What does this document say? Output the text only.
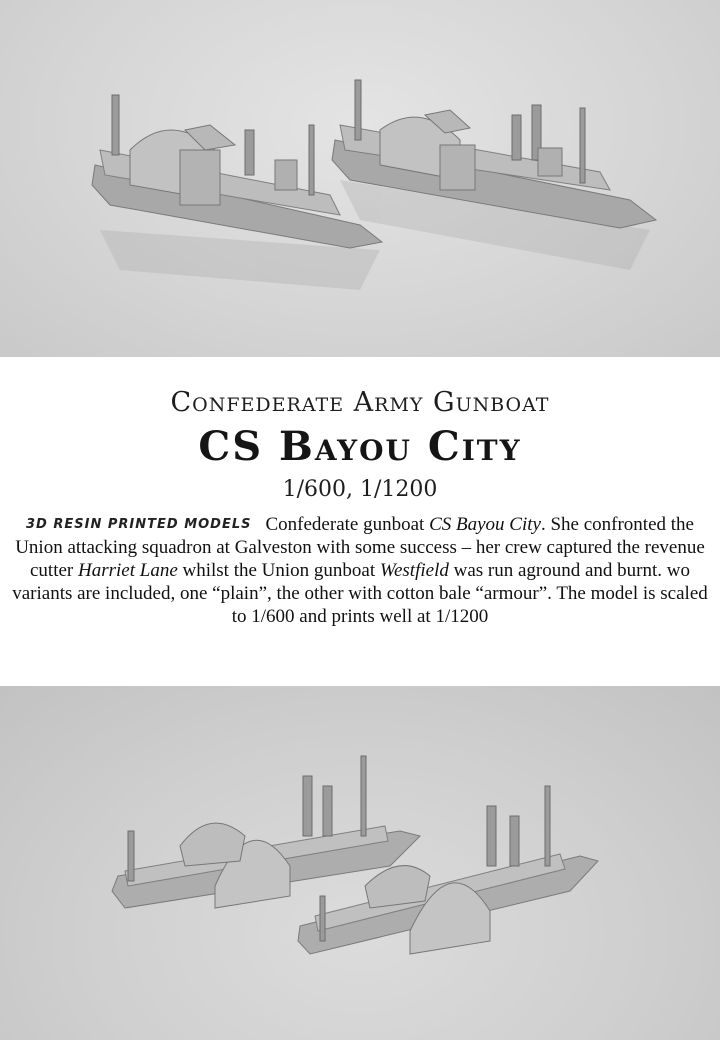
Confederate Army Gunboat
CS Bayou City
1/600, 1/1200
3D RESIN PRINTED MODELS Confederate gunboat CS Bayou City. She confronted the Union attacking squadron at Galveston with some success – her crew captured the revenue cutter Harriet Lane whilst the Union gunboat Westfield was run aground and burnt. wo variants are included, one “plain”, the other with cotton bale “armour”. The model is scaled to 1/600 and prints well at 1/1200
